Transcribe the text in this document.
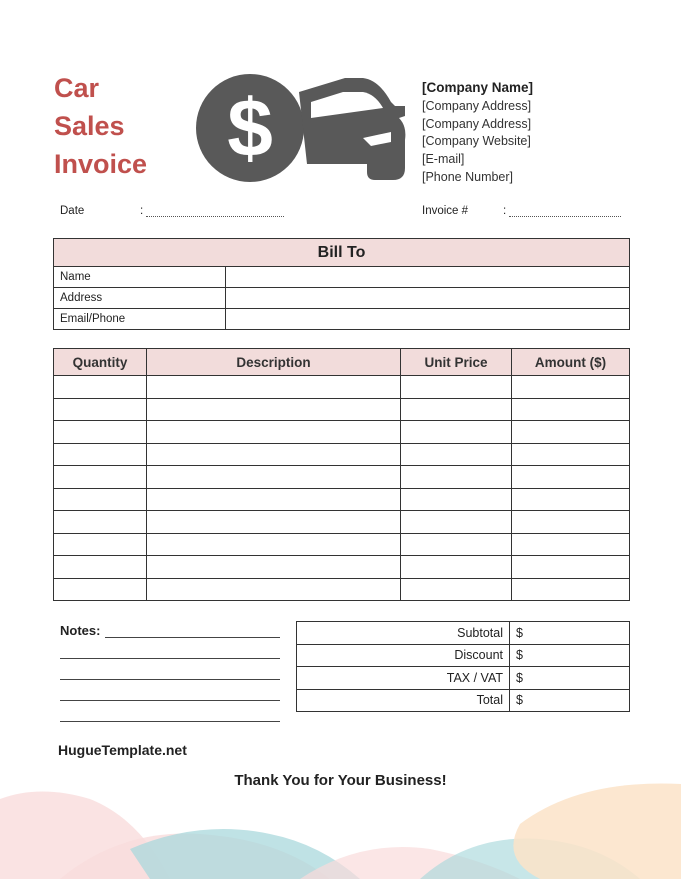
Car
Sales
Invoice $	[Company Name]
[Company Address]
[Company Address]
[Company Website]
[E-mail]
[Phone Number]
Date	:	Invoice #	:
Bill To	
Name	
Address	
Email/Phone	
Quantity	Description	Unit Price	Amount ($)

Notes:	Subtotal	$
Discount	$
TAX / VAT	$
Total	$
HugueTemplate.net
Thank You for Your Business!
